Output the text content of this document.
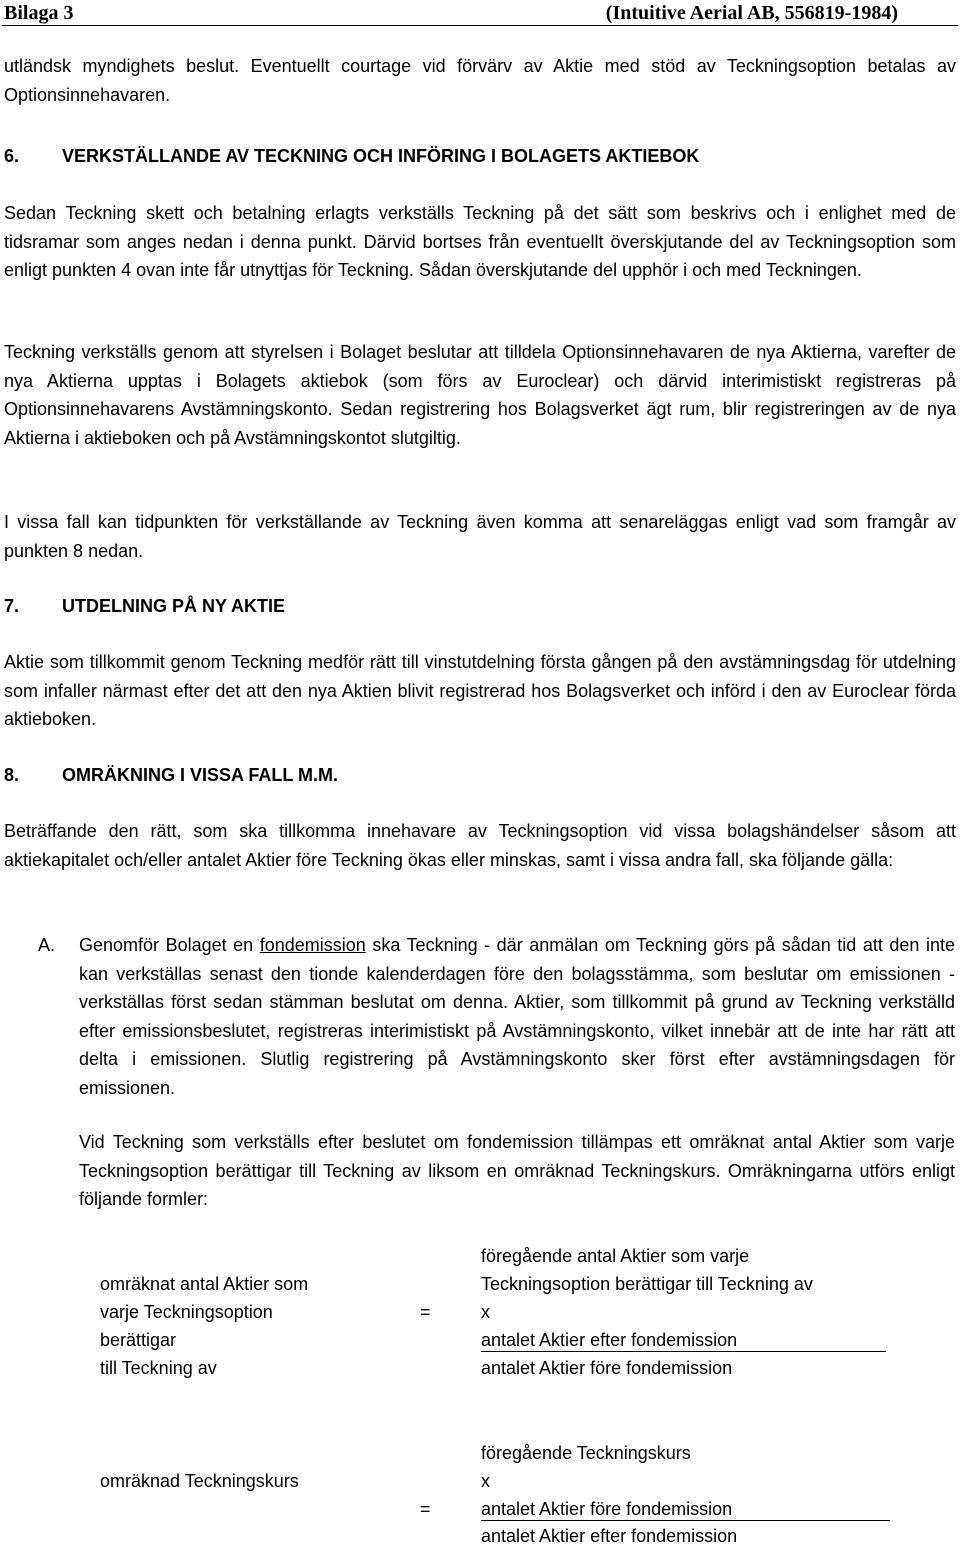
Bilaga 3	(Intuitive Aerial AB, 556819-1984)
utländsk myndighets beslut. Eventuellt courtage vid förvärv av Aktie med stöd av Teckningsoption betalas av Optionsinnehavaren.
6. VERKSTÄLLANDE AV TECKNING OCH INFÖRING I BOLAGETS AKTIEBOK
Sedan Teckning skett och betalning erlagts verkställs Teckning på det sätt som beskrivs och i enlighet med de tidsramar som anges nedan i denna punkt. Därvid bortses från eventuellt överskjutande del av Teckningsoption som enligt punkten 4 ovan inte får utnyttjas för Teckning. Sådan överskjutande del upphör i och med Teckningen.
Teckning verkställs genom att styrelsen i Bolaget beslutar att tilldela Optionsinnehavaren de nya Aktierna, varefter de nya Aktierna upptas i Bolagets aktiebok (som förs av Euroclear) och därvid interimistiskt registreras på Optionsinnehavarens Avstämningskonto. Sedan registrering hos Bolagsverket ägt rum, blir registreringen av de nya Aktierna i aktieboken och på Avstämningskontot slutgiltig.
I vissa fall kan tidpunkten för verkställande av Teckning även komma att senareläggas enligt vad som framgår av punkten 8 nedan.
7. UTDELNING PÅ NY AKTIE
Aktie som tillkommit genom Teckning medför rätt till vinstutdelning första gången på den avstämningsdag för utdelning som infaller närmast efter det att den nya Aktien blivit registrerad hos Bolagsverket och införd i den av Euroclear förda aktieboken.
8. OMRÄKNING I VISSA FALL M.M.
Beträffande den rätt, som ska tillkomma innehavare av Teckningsoption vid vissa bolagshändelser såsom att aktiekapitalet och/eller antalet Aktier före Teckning ökas eller minskas, samt i vissa andra fall, ska följande gälla:
A. Genomför Bolaget en fondemission ska Teckning - där anmälan om Teckning görs på sådan tid att den inte kan verkställas senast den tionde kalenderdagen före den bolagsstämma, som beslutar om emissionen - verkställas först sedan stämman beslutat om denna. Aktier, som tillkommit på grund av Teckning verkställd efter emissionsbeslutet, registreras interimistiskt på Avstämningskonto, vilket innebär att de inte har rätt att delta i emissionen. Slutlig registrering på Avstämningskonto sker först efter avstämningsdagen för emissionen.
Vid Teckning som verkställs efter beslutet om fondemission tillämpas ett omräknat antal Aktier som varje Teckningsoption berättigar till Teckning av liksom en omräknad Teckningskurs. Omräkningarna utförs enligt följande formler:
omräknat antal Aktier som
varje Teckningsoption
berättigar
till Teckning av
=
föregående antal Aktier som varje
Teckningsoption berättigar till Teckning av
x
antalet Aktier efter fondemission
antalet Aktier före fondemission
omräknad Teckningskurs
=
föregående Teckningskurs
x
antalet Aktier före fondemission
antalet Aktier efter fondemission
